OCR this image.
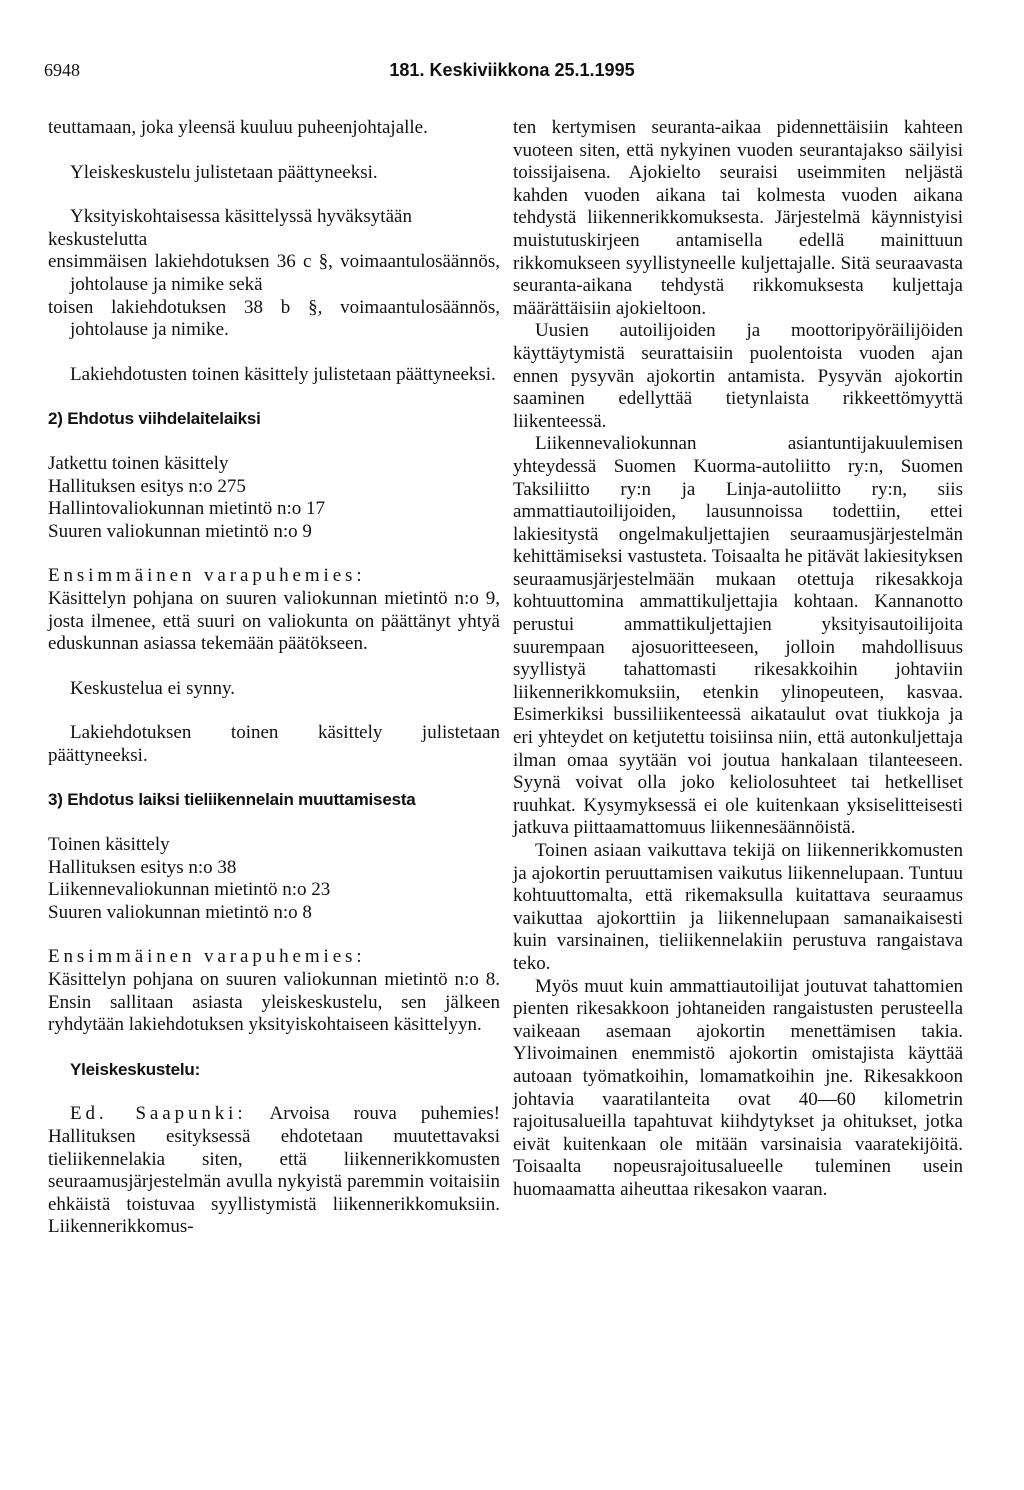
6948	181. Keskiviikkona 25.1.1995

teuttamaan, joka yleensä kuuluu puheenjohtajalle.

Yleiskeskustelu julistetaan päättyneeksi.

Yksityiskohtaisessa käsittelyssä hyväksytään keskustelutta

ensimmäisen lakiehdotuksen 36 c §, voimaantulosäännös, johtolause ja nimike sekä

toisen lakiehdotuksen 38 b §, voimaantulosäännös, johtolause ja nimike.

Lakiehdotusten toinen käsittely julistetaan päättyneeksi.

2) Ehdotus viihdelaitelaiksi

Jatkettu toinen käsittely

Hallituksen esitys n:o 275

Hallintovaliokunnan mietintö n:o 17

Suuren valiokunnan mietintö n:o 9

Ensimmäinen varapuhemies:

Käsittelyn pohjana on suuren valiokunnan mietintö n:o 9, josta ilmenee, että suuri on valiokunta on päättänyt yhtyä eduskunnan asiassa tekemään päätökseen.

Keskustelua ei synny.

Lakiehdotuksen toinen käsittely julistetaan päättyneeksi.

3) Ehdotus laiksi tieliikennelain muuttamisesta

Toinen käsittely

Hallituksen esitys n:o 38

Liikennevaliokunnan mietintö n:o 23

Suuren valiokunnan mietintö n:o 8

Ensimmäinen varapuhemies:

Käsittelyn pohjana on suuren valiokunnan mietintö n:o 8. Ensin sallitaan asiasta yleiskeskustelu, sen jälkeen ryhdytään lakiehdotuksen yksityiskohtaiseen käsittelyyn.

Yleiskeskustelu:

Ed. Saapunki: Arvoisa rouva puhemies! Hallituksen esityksessä ehdotetaan muutettavaksi tieliikennelakia siten, että liikennerikkomusten seuraamusjärjestelmän avulla nykyistä paremmin voitaisiin ehkäistä toistuvaa syyllistymistä liikennerikkomuksiin. Liikennerikkomus-

ten kertymisen seuranta-aikaa pidennettäisiin kahteen vuoteen siten, että nykyinen vuoden seurantajakso säilyisi toissijaisena. Ajokielto seuraisi useimmiten neljästä kahden vuoden aikana tai kolmesta vuoden aikana tehdystä liikennerikkomuksesta. Järjestelmä käynnistyisi muistutuskirjeen antamisella edellä mainittuun rikkomukseen syyllistyneelle kuljettajalle. Sitä seuraavasta seuranta-aikana tehdystä rikkomuksesta kuljettaja määrättäisiin ajokieltoon.

Uusien autoilijoiden ja moottoripyöräilijöiden käyttäytymistä seurattaisiin puolentoista vuoden ajan ennen pysyvän ajokortin antamista. Pysyvän ajokortin saaminen edellyttää tietynlaista rikkeettömyyttä liikenteessä.

Liikennevaliokunnan asiantuntijakuulemisen yhteydessä Suomen Kuorma-autoliitto ry:n, Suomen Taksiliitto ry:n ja Linja-autoliitto ry:n, siis ammattiautoilijoiden, lausunnoissa todettiin, ettei lakiesitystä ongelmakuljettajien seuraamusjärjestelmän kehittämiseksi vastusteta. Toisaalta he pitävät lakiesityksen seuraamusjärjestelmään mukaan otettuja rikesakkoja kohtuuttomina ammattikuljettajia kohtaan. Kannanotto perustui ammattikuljettajien yksityisautoilijoita suurempaan ajosuoritteeseen, jolloin mahdollisuus syyllistyä tahattomasti rikesakkoihin johtaviin liikennerikkomuksiin, etenkin ylinopeuteen, kasvaa. Esimerkiksi bussiliikenteessä aikataulut ovat tiukkoja ja eri yhteydet on ketjutettu toisiinsa niin, että autonkuljettaja ilman omaa syytään voi joutua hankalaan tilanteeseen. Syynä voivat olla joko keliolosuhteet tai hetkelliset ruuhkat. Kysymyksessä ei ole kuitenkaan yksiselitteisesti jatkuva piittaamattomuus liikennesäännöistä.

Toinen asiaan vaikuttava tekijä on liikennerikkomusten ja ajokortin peruuttamisen vaikutus liikennelupaan. Tuntuu kohtuuttomalta, että rikemaksulla kuitattava seuraamus vaikuttaa ajokorttiin ja liikennelupaan samanaikaisesti kuin varsinainen, tieliikennelakiin perustuva rangaistava teko.

Myös muut kuin ammattiautoilijat joutuvat tahattomien pienten rikesakkoon johtaneiden rangaistusten perusteella vaikeaan asemaan ajokortin menettämisen takia. Ylivoimainen enemmistö ajokortin omistajista käyttää autoaan työmatkoihin, lomamatkoihin jne. Rikesakkoon johtavia vaaratilanteita ovat 40—60 kilometrin rajoitusalueilla tapahtuvat kiihdytykset ja ohitukset, jotka eivät kuitenkaan ole mitään varsinaisia vaaratekijöitä. Toisaalta nopeusrajoitusalueelle tuleminen usein huomaamatta aiheuttaa rikesakon vaaran.
